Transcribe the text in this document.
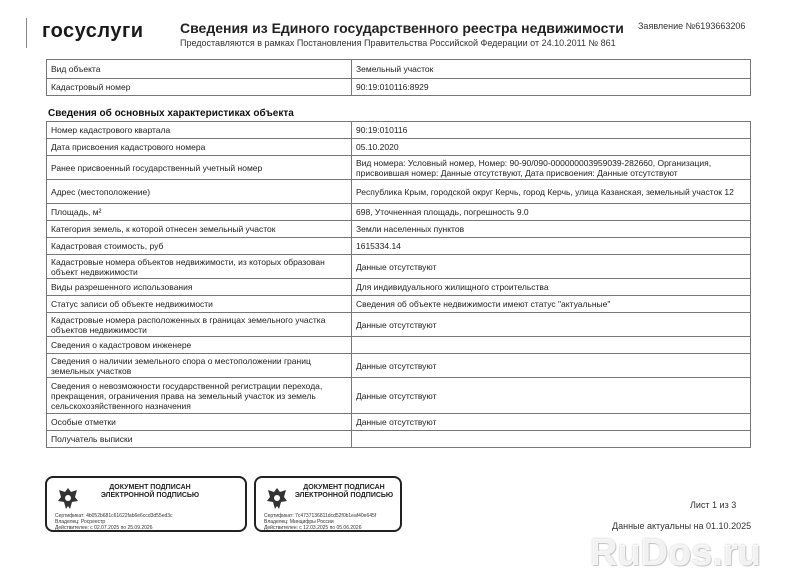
госуслуги	Сведения из Единого государственного реестра недвижимости
Предоставляются в рамках Постановления Правительства Российской Федерации от 24.10.2011 № 861
Заявление №6193663206
Вид объекта	Земельный участок
Кадастровый номер	90:19:010116:8929
Сведения об основных характеристиках объекта
Номер кадастрового квартала	90:19:010116
Дата присвоения кадастрового номера	05.10.2020
Ранее присвоенный государственный учетный номер	Вид номера: Условный номер, Номер: 90-90/090-000000003959039-282660, Организация, присвоившая номер: Данные отсутствуют, Дата присвоения: Данные отсутствуют
Адрес (местоположение)	Республика Крым, городской округ Керчь, город Керчь, улица Казанская, земельный участок 12
Площадь, м²	698, Уточненная площадь, погрешность 9.0
Категория земель, к которой отнесен земельный участок	Земли населенных пунктов
Кадастровая стоимость, руб	1615334.14
Кадастровые номера объектов недвижимости, из которых образован объект недвижимости	Данные отсутствуют
Виды разрешенного использования	Для индивидуального жилищного строительства
Статус записи об объекте недвижимости	Сведения об объекте недвижимости имеют статус "актуальные"
Кадастровые номера расположенных в границах земельного участка объектов недвижимости	Данные отсутствуют
Сведения о кадастровом инженере	
Сведения о наличии земельного спора о местоположении границ земельных участков	Данные отсутствуют
Сведения о невозможности государственной регистрации перехода, прекращения, ограничения права на земельный участок из земель сельскохозяйственного назначения	Данные отсутствуют
Особые отметки	Данные отсутствуют
Получатель выписки	
ДОКУМЕНТ ПОДПИСАН ЭЛЕКТРОННОЙ ПОДПИСЬЮ
Сертификат: 4b052b681c61622fab6e6ccd3d55ed3c
Владелец: Росреестр
Действителен: с 02.07.2025 по 25.09.2026
ДОКУМЕНТ ПОДПИСАН ЭЛЕКТРОННОЙ ПОДПИСЬЮ
Сертификат: 7c4737136811dcd52f0b1eaf40e645f
Владелец: Минцифры России
Действителен: с 12.03.2025 по 05.06.2026
Лист 1 из 3
Данные актуальны на 01.10.2025
RuDos.ru
